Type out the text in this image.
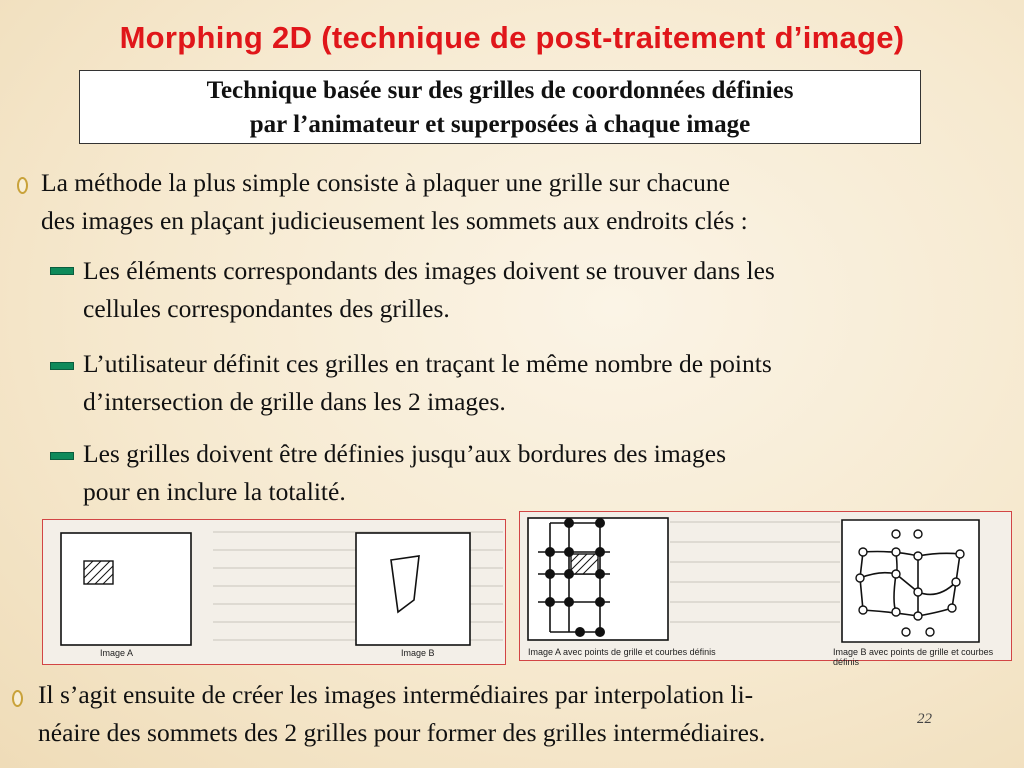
Morphing 2D (technique de post-traitement d’image)
Technique basée sur des grilles de coordonnées définies
par l’animateur et superposées à chaque image
La méthode la plus simple consiste à plaquer une grille sur chacune
des images en plaçant judicieusement les sommets aux endroits clés :
Les éléments correspondants des images doivent se trouver dans les
cellules correspondantes des grilles.
L’utilisateur définit ces grilles en traçant le même nombre de points
d’intersection de grille dans les 2 images.
Les grilles doivent être définies jusqu’aux bordures des images
pour en inclure la totalité.
Image A	Image B	Image A avec points de grille et courbes définis	Image B avec points de grille et courbes définis
Il s’agit ensuite de créer les images intermédiaires par interpolation li-
néaire des sommets des 2 grilles pour former des grilles intermédiaires.	22
